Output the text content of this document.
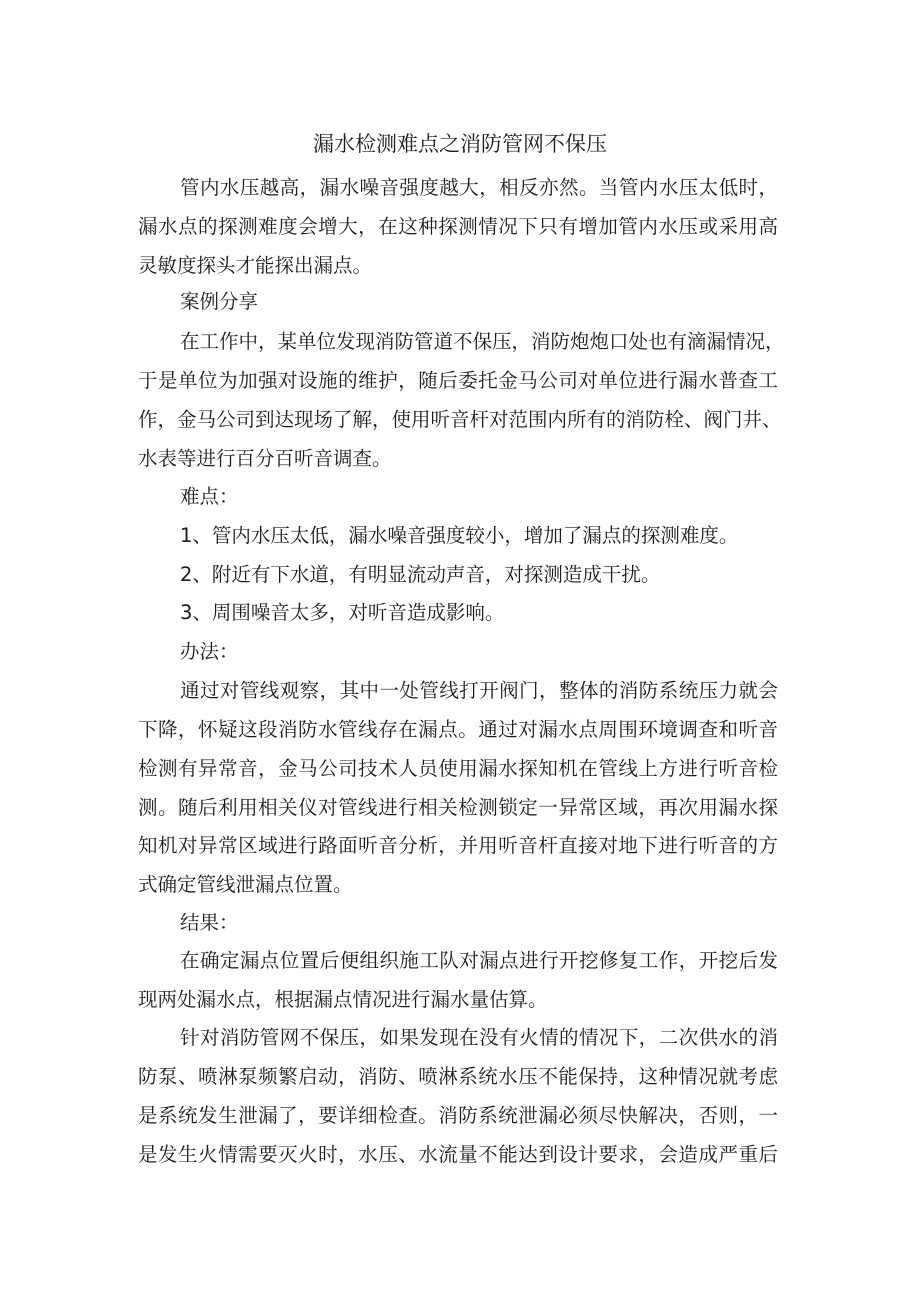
漏水检测难点之消防管网不保压
管内水压越高，漏水噪音强度越大，相反亦然。当管内水压太低时，
漏水点的探测难度会增大，在这种探测情况下只有增加管内水压或采用高
灵敏度探头才能探出漏点。
案例分享
在工作中，某单位发现消防管道不保压，消防炮炮口处也有滴漏情况，
于是单位为加强对设施的维护，随后委托金马公司对单位进行漏水普查工
作，金马公司到达现场了解，使用听音杆对范围内所有的消防栓、阀门井、
水表等进行百分百听音调查。
难点：
1、管内水压太低，漏水噪音强度较小，增加了漏点的探测难度。
2、附近有下水道，有明显流动声音，对探测造成干扰。
3、周围噪音太多，对听音造成影响。
办法：
通过对管线观察，其中一处管线打开阀门，整体的消防系统压力就会
下降，怀疑这段消防水管线存在漏点。通过对漏水点周围环境调查和听音
检测有异常音，金马公司技术人员使用漏水探知机在管线上方进行听音检
测。随后利用相关仪对管线进行相关检测锁定一异常区域，再次用漏水探
知机对异常区域进行路面听音分析，并用听音杆直接对地下进行听音的方
式确定管线泄漏点位置。
结果：
在确定漏点位置后便组织施工队对漏点进行开挖修复工作，开挖后发
现两处漏水点，根据漏点情况进行漏水量估算。
针对消防管网不保压，如果发现在没有火情的情况下，二次供水的消
防泵、喷淋泵频繁启动，消防、喷淋系统水压不能保持，这种情况就考虑
是系统发生泄漏了，要详细检查。消防系统泄漏必须尽快解决，否则，一
是发生火情需要灭火时，水压、水流量不能达到设计要求，会造成严重后
